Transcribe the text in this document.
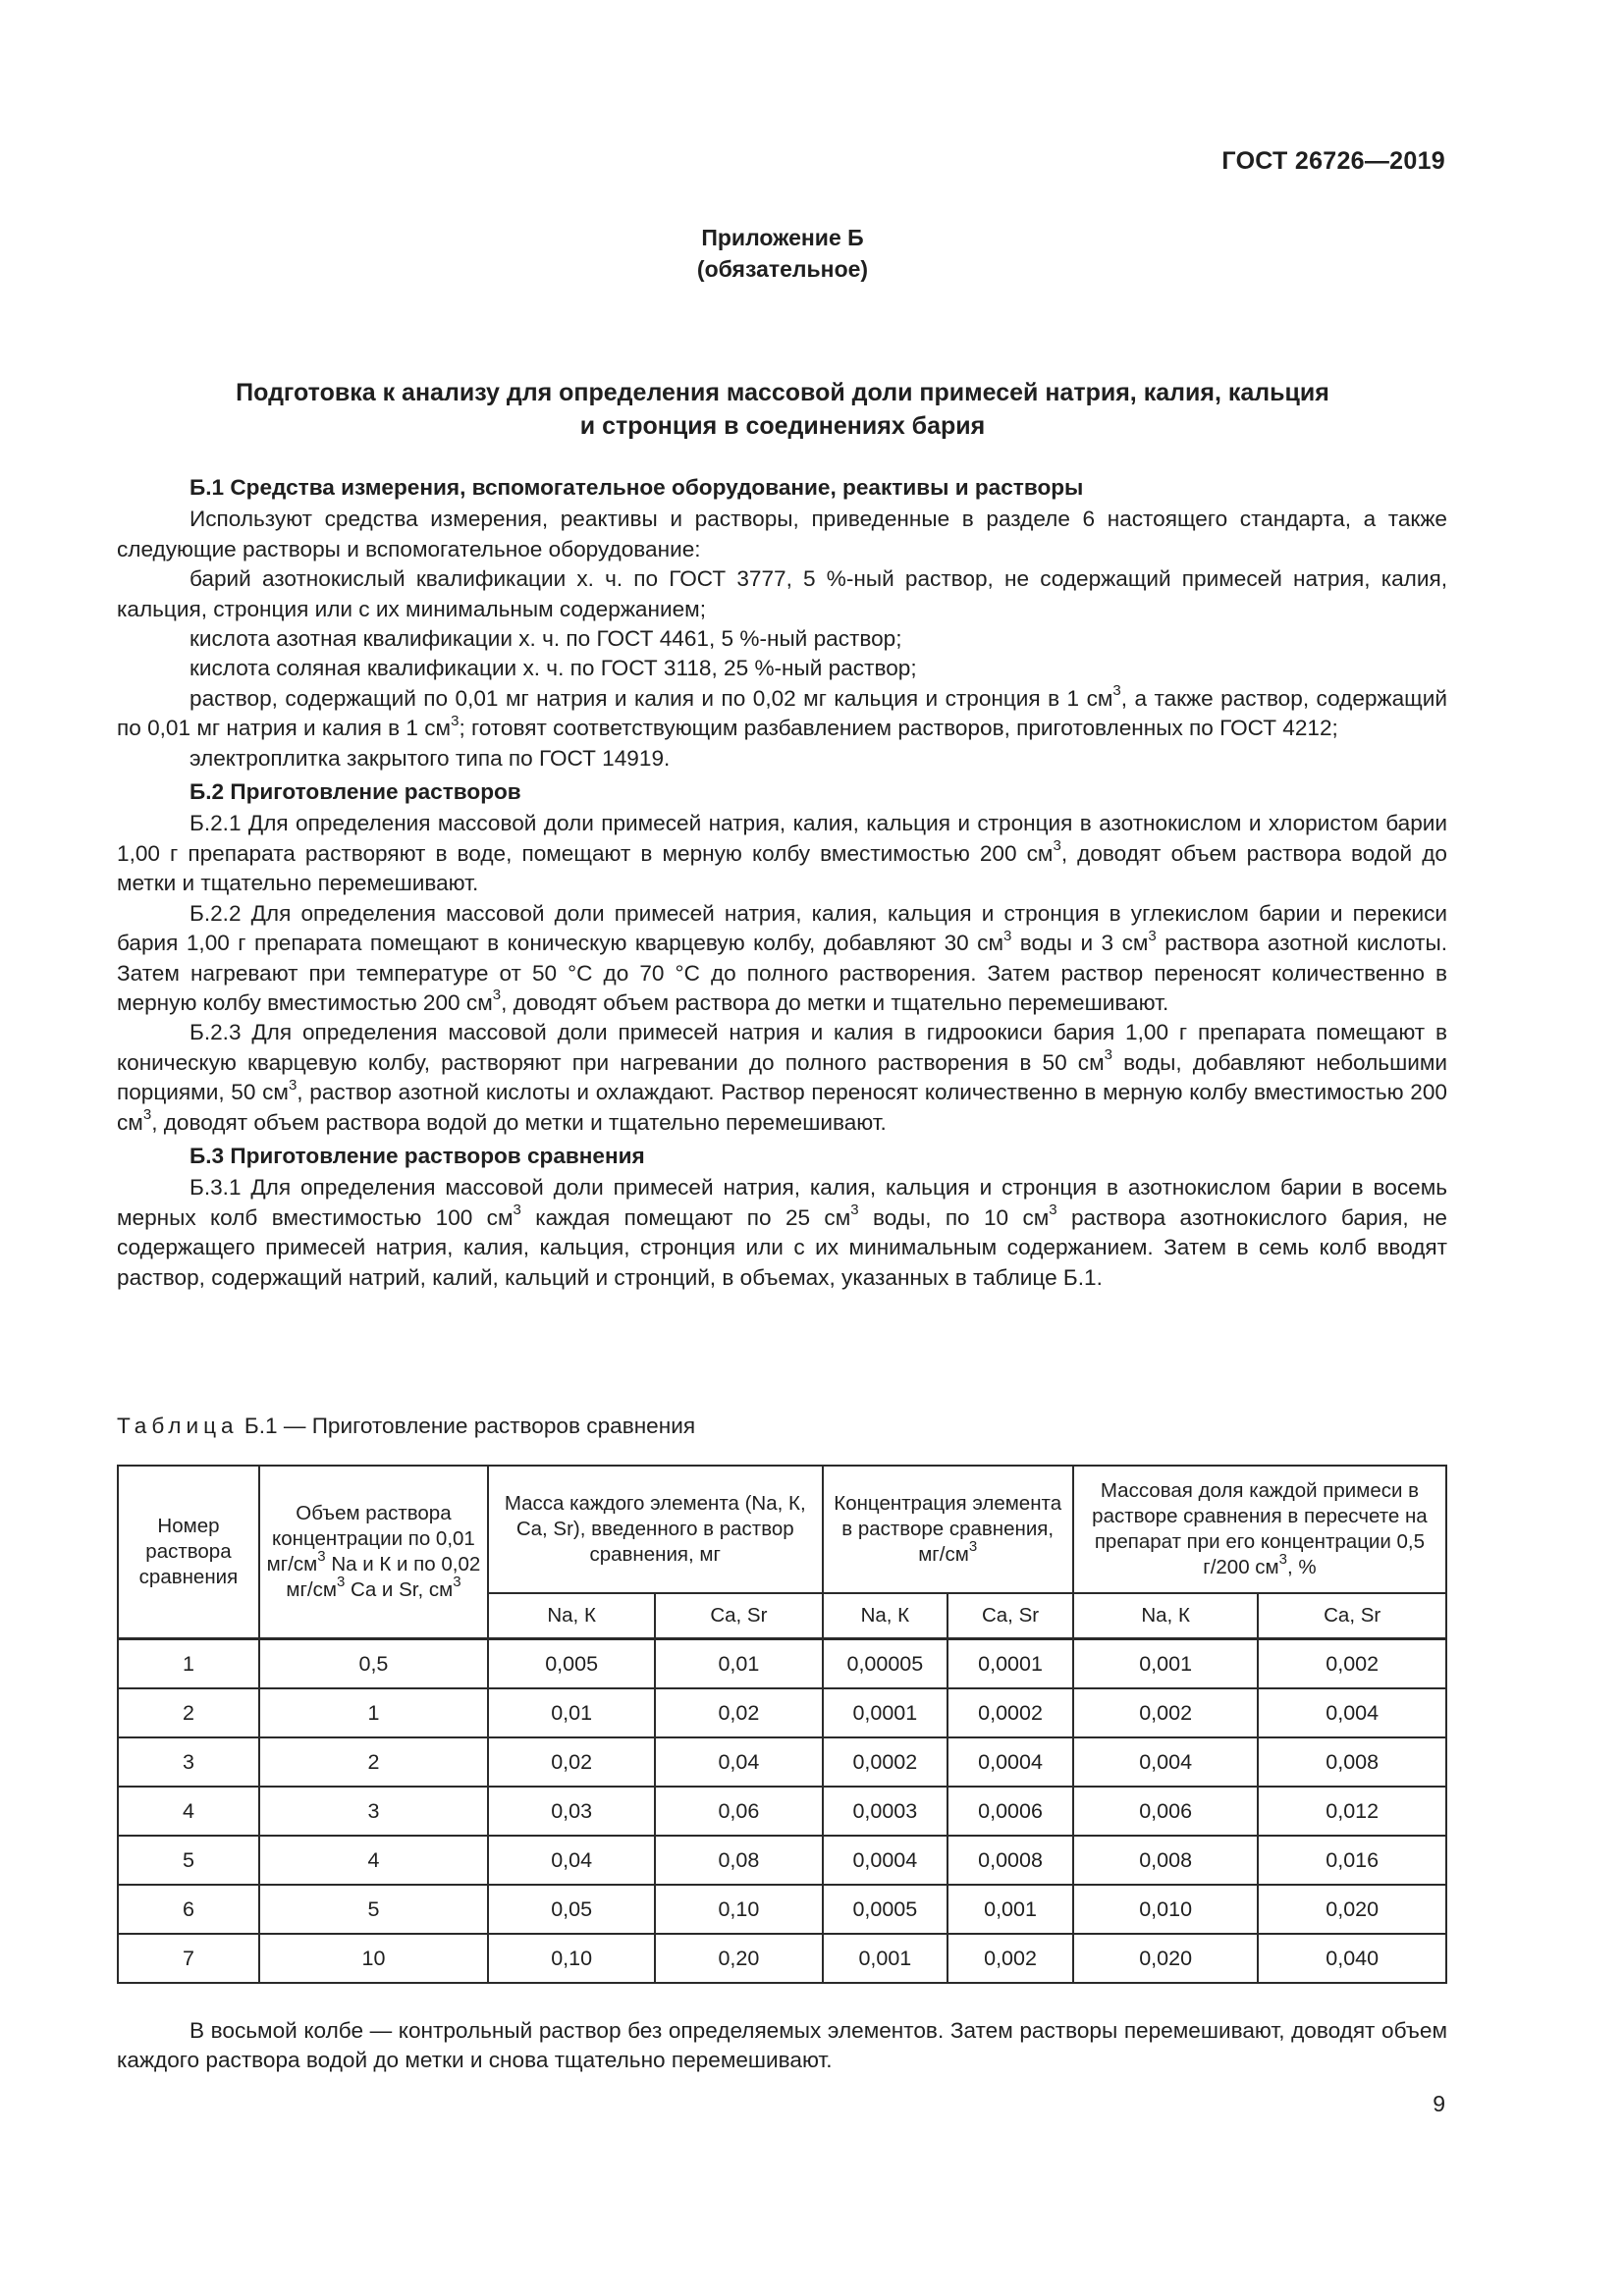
ГОСТ 26726—2019
Приложение Б
(обязательное)
Подготовка к анализу для определения массовой доли примесей натрия, калия, кальция
и стронция в соединениях бария
Б.1 Средства измерения, вспомогательное оборудование, реактивы и растворы

Используют средства измерения, реактивы и растворы, приведенные в разделе 6 настоящего стандарта, а также следующие растворы и вспомогательное оборудование:

барий азотнокислый квалификации х. ч. по ГОСТ 3777, 5 %-ный раствор, не содержащий примесей натрия, калия, кальция, стронция или с их минимальным содержанием;

кислота азотная квалификации х. ч. по ГОСТ 4461, 5 %-ный раствор;

кислота соляная квалификации х. ч. по ГОСТ 3118, 25 %-ный раствор;

раствор, содержащий по 0,01 мг натрия и калия и по 0,02 мг кальция и стронция в 1 $см^3$, а также раствор, содержащий по 0,01 мг натрия и калия в 1 $см^3$; готовят соответствующим разбавлением растворов, приготовленных по ГОСТ 4212;

электроплитка закрытого типа по ГОСТ 14919.

Б.2 Приготовление растворов

Б.2.1 Для определения массовой доли примесей натрия, калия, кальция и стронция в азотнокислом и хлористом барии 1,00 г препарата растворяют в воде, помещают в мерную колбу вместимостью 200 $см^3$, доводят объем раствора водой до метки и тщательно перемешивают.

Б.2.2 Для определения массовой доли примесей натрия, калия, кальция и стронция в углекислом барии и перекиси бария 1,00 г препарата помещают в коническую кварцевую колбу, добавляют 30 $см^3$ воды и 3 $см^3$ раствора азотной кислоты. Затем нагревают при температуре от 50 °С до 70 °С до полного растворения. Затем раствор переносят количественно в мерную колбу вместимостью 200 $см^3$, доводят объем раствора до метки и тщательно перемешивают.

Б.2.3 Для определения массовой доли примесей натрия и калия в гидроокиси бария 1,00 г препарата помещают в коническую кварцевую колбу, растворяют при нагревании до полного растворения в 50 $см^3$ воды, добавляют небольшими порциями, 50 $см^3$, раствор азотной кислоты и охлаждают. Раствор переносят количественно в мерную колбу вместимостью 200 $см^3$, доводят объем раствора водой до метки и тщательно перемешивают.

Б.3 Приготовление растворов сравнения

Б.3.1 Для определения массовой доли примесей натрия, калия, кальция и стронция в азотнокислом барии в восемь мерных колб вместимостью 100 $см^3$ каждая помещают по 25 $см^3$ воды, по 10 $см^3$ раствора азотнокислого бария, не содержащего примесей натрия, калия, кальция, стронция или с их минимальным содержанием. Затем в семь колб вводят раствор, содержащий натрий, калий, кальций и стронций, в объемах, указанных в таблице Б.1.

Таблица Б.1 — Приготовление растворов сравнения
Номер раствора сравнения	Объем раствора концентрации по 0,01 $мг/см^3$ Na и К и по 0,02 $мг/см^3$ Ca и Sr, $см^3$	Масса каждого элемента (Na, К, Ca, Sr), введенного в раствор сравнения, мг		Концентрация элемента в растворе сравнения, $мг/см^3$		Массовая доля каждой примеси в растворе сравнения в пересчете на препарат при его концентрации 0,5 г/200 $см^3$, %	
		Na, К	Ca, Sr	Na, К	Ca, Sr	Na, К	Ca, Sr
1	0,5	0,005	0,01	0,00005	0,0001	0,001	0,002
2	1	0,01	0,02	0,0001	0,0002	0,002	0,004
3	2	0,02	0,04	0,0002	0,0004	0,004	0,008
4	3	0,03	0,06	0,0003	0,0006	0,006	0,012
5	4	0,04	0,08	0,0004	0,0008	0,008	0,016
6	5	0,05	0,10	0,0005	0,001	0,010	0,020
7	10	0,10	0,20	0,001	0,002	0,020	0,040

В восьмой колбе — контрольный раствор без определяемых элементов. Затем растворы перемешивают, доводят объем каждого раствора водой до метки и снова тщательно перемешивают.

9
